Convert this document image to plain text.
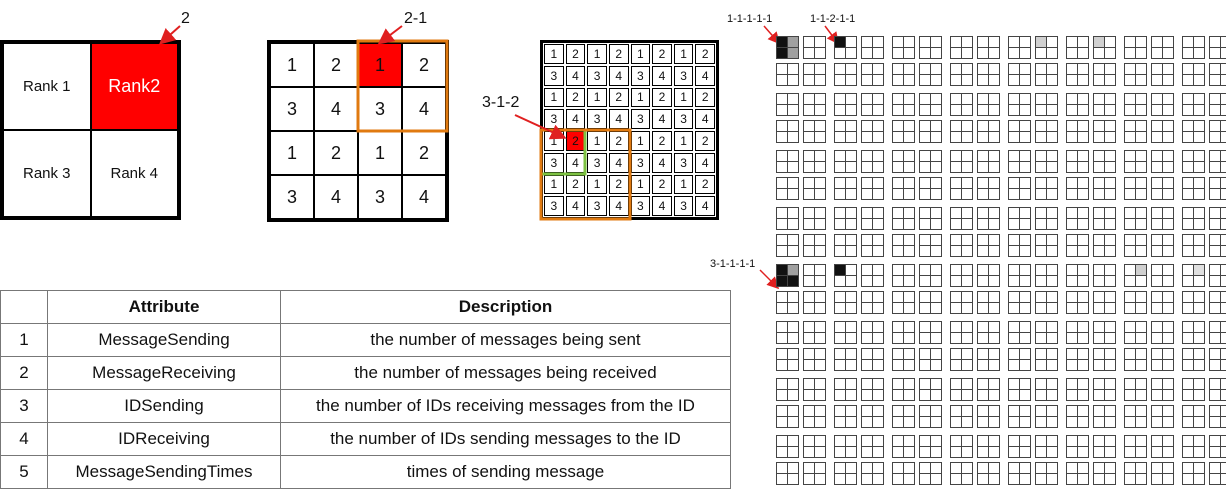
2	2-1
3-1-2
1-1-1-1-1	1-1-2-1-1
3-1-1-1-1
Rank 1	Rank2
Rank 3	Rank 4
1	2	1	2
3	4	3	4
1	2	1	2
3	4	3	4
1	2	1	2	1	2	1	2
3	4	3	4	3	4	3	4
1	2	1	2	1	2	1	2
3	4	3	4	3	4	3	4
1	2	1	2	1	2	1	2
3	4	3	4	3	4	3	4
1	2	1	2	1	2	1	2
3	4	3	4	3	4	3	4
	Attribute	Description
1	MessageSending	the number of messages being sent
2	MessageReceiving	the number of messages being received
3	IDSending	the number of IDs receiving messages from the ID
4	IDReceiving	the number of IDs sending messages to the ID
5	MessageSendingTimes	times of sending message
